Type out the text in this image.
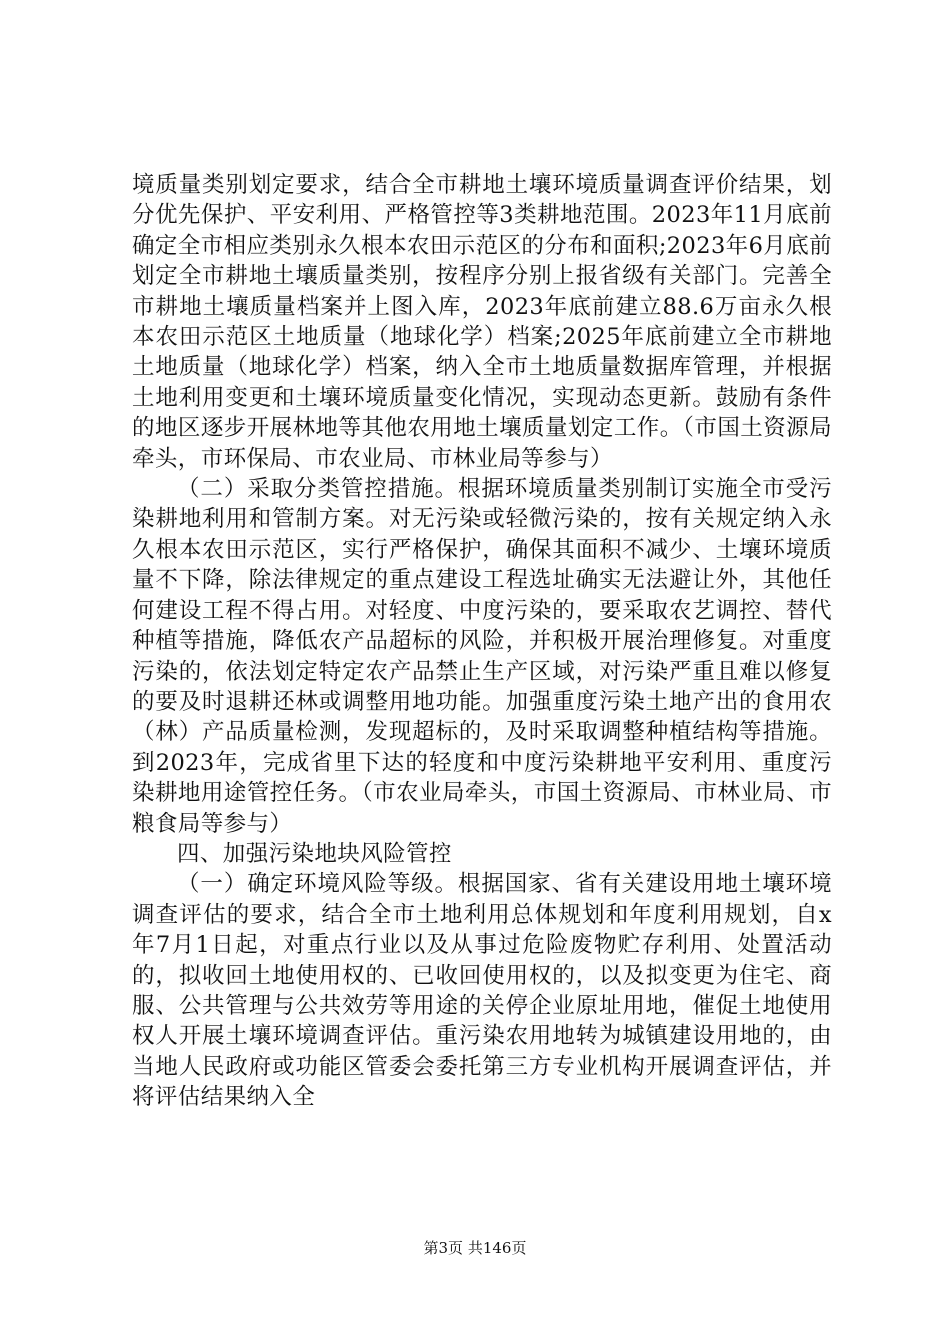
境质量类别划定要求，结合全市耕地土壤环境质量调查评价结果，划分优先保护、平安利用、严格管控等3类耕地范围。2023年11月底前确定全市相应类别永久根本农田示范区的分布和面积;2023年6月底前划定全市耕地土壤质量类别，按程序分别上报省级有关部门。完善全市耕地土壤质量档案并上图入库，2023年底前建立88.6万亩永久根本农田示范区土地质量（地球化学）档案;2025年底前建立全市耕地土地质量（地球化学）档案，纳入全市土地质量数据库管理，并根据土地利用变更和土壤环境质量变化情况，实现动态更新。鼓励有条件的地区逐步开展林地等其他农用地土壤质量划定工作。（市国土资源局牵头，市环保局、市农业局、市林业局等参与）

（二）采取分类管控措施。根据环境质量类别制订实施全市受污染耕地利用和管制方案。对无污染或轻微污染的，按有关规定纳入永久根本农田示范区，实行严格保护，确保其面积不减少、土壤环境质量不下降，除法律规定的重点建设工程选址确实无法避让外，其他任何建设工程不得占用。对轻度、中度污染的，要采取农艺调控、替代种植等措施，降低农产品超标的风险，并积极开展治理修复。对重度污染的，依法划定特定农产品禁止生产区域，对污染严重且难以修复的要及时退耕还林或调整用地功能。加强重度污染土地产出的食用农（林）产品质量检测，发现超标的，及时采取调整种植结构等措施。到2023年，完成省里下达的轻度和中度污染耕地平安利用、重度污染耕地用途管控任务。（市农业局牵头，市国土资源局、市林业局、市粮食局等参与）

四、加强污染地块风险管控

（一）确定环境风险等级。根据国家、省有关建设用地土壤环境调查评估的要求，结合全市土地利用总体规划和年度利用规划，自x年7月1日起，对重点行业以及从事过危险废物贮存利用、处置活动的，拟收回土地使用权的、已收回使用权的，以及拟变更为住宅、商服、公共管理与公共效劳等用途的关停企业原址用地，催促土地使用权人开展土壤环境调查评估。重污染农用地转为城镇建设用地的，由当地人民政府或功能区管委会委托第三方专业机构开展调查评估，并将评估结果纳入全

第3页 共146页
